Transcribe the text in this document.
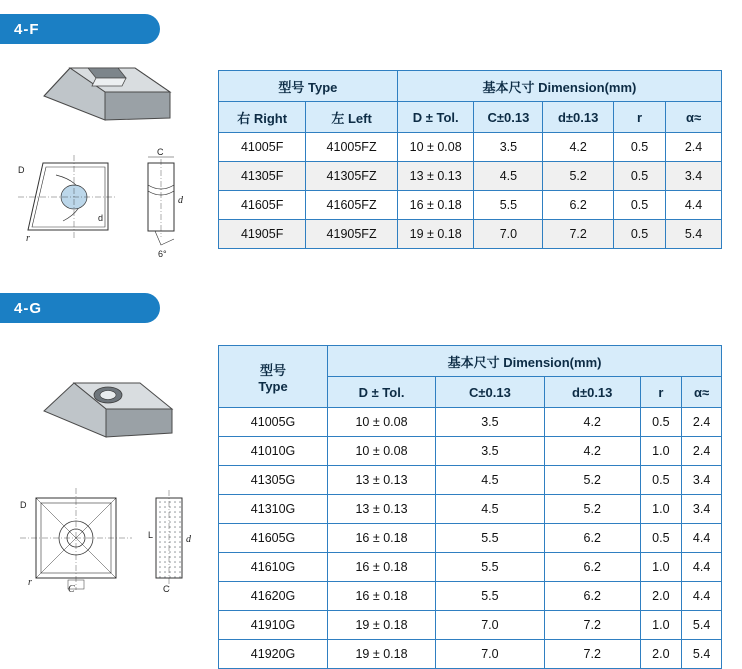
4-F
D
r
d
C
d
6°
型号 Type		基本尺寸 Dimension(mm)				
右 Right	左 Left	D ± Tol.	C±0.13	d±0.13	r	α≈
41005F	41005FZ	10 ± 0.08	3.5	4.2	0.5	2.4
41305F	41305FZ	13 ± 0.13	4.5	5.2	0.5	3.4
41605F	41605FZ	16 ± 0.18	5.5	6.2	0.5	4.4
41905F	41905FZ	19 ± 0.18	7.0	7.2	0.5	5.4
4-G
D
C
d
L
C
r
型号
Type	基本尺寸 Dimension(mm)				
	D ± Tol.	C±0.13	d±0.13	r	α≈
41005G	10 ± 0.08	3.5	4.2	0.5	2.4
41010G	10 ± 0.08	3.5	4.2	1.0	2.4
41305G	13 ± 0.13	4.5	5.2	0.5	3.4
41310G	13 ± 0.13	4.5	5.2	1.0	3.4
41605G	16 ± 0.18	5.5	6.2	0.5	4.4
41610G	16 ± 0.18	5.5	6.2	1.0	4.4
41620G	16 ± 0.18	5.5	6.2	2.0	4.4
41910G	19 ± 0.18	7.0	7.2	1.0	5.4
41920G	19 ± 0.18	7.0	7.2	2.0	5.4
